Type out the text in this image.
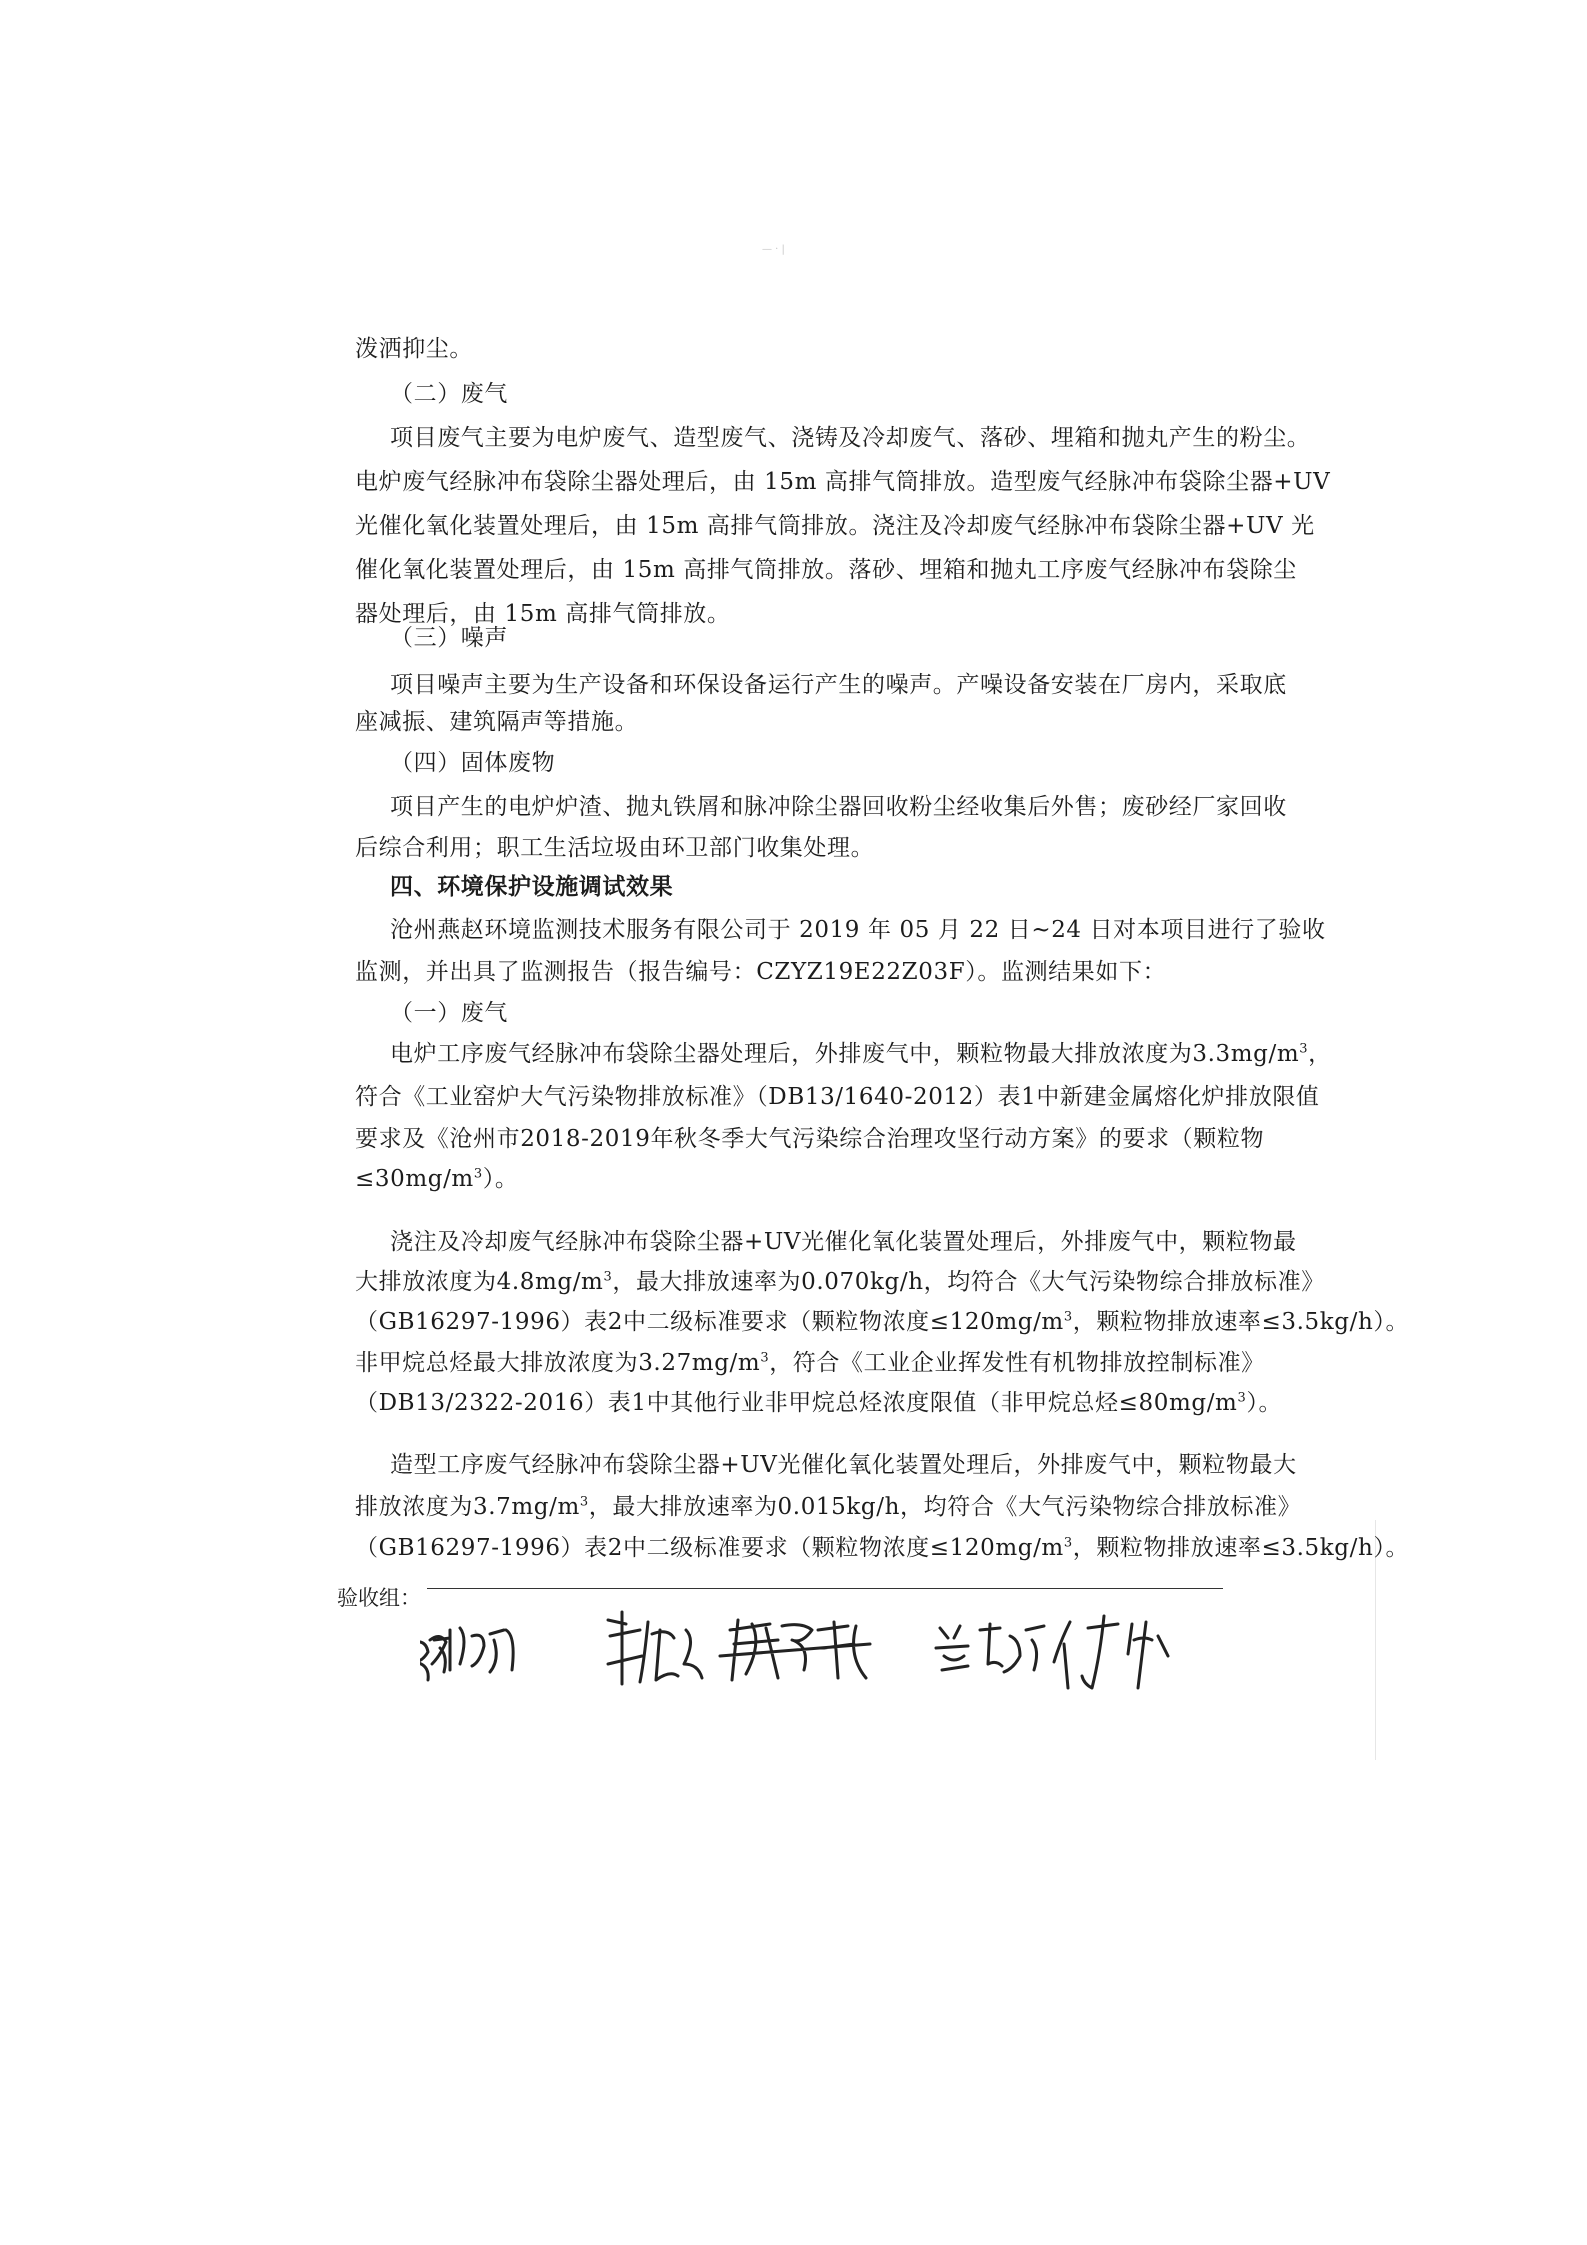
— · |
泼洒抑尘。
（二）废气
项目废气主要为电炉废气、造型废气、浇铸及冷却废气、落砂、埋箱和抛丸产生的粉尘。
电炉废气经脉冲布袋除尘器处理后，由 15m 高排气筒排放。造型废气经脉冲布袋除尘器+UV
光催化氧化装置处理后，由 15m 高排气筒排放。浇注及冷却废气经脉冲布袋除尘器+UV 光
催化氧化装置处理后，由 15m 高排气筒排放。落砂、埋箱和抛丸工序废气经脉冲布袋除尘
器处理后，由 15m 高排气筒排放。
（三）噪声
项目噪声主要为生产设备和环保设备运行产生的噪声。产噪设备安装在厂房内，采取底
座减振、建筑隔声等措施。
（四）固体废物
项目产生的电炉炉渣、抛丸铁屑和脉冲除尘器回收粉尘经收集后外售；废砂经厂家回收
后综合利用；职工生活垃圾由环卫部门收集处理。
四、环境保护设施调试效果
沧州燕赵环境监测技术服务有限公司于 2019 年 05 月 22 日~24 日对本项目进行了验收
监测，并出具了监测报告（报告编号：CZYZ19E22Z03F）。监测结果如下：
（一）废气
电炉工序废气经脉冲布袋除尘器处理后，外排废气中，颗粒物最大排放浓度为$3.3mg/m^3$，
符合《工业窑炉大气污染物排放标准》（DB13/1640-2012）表1中新建金属熔化炉排放限值
要求及《沧州市2018-2019年秋冬季大气污染综合治理攻坚行动方案》的要求（颗粒物
$\le 30mg/m^3$）。
浇注及冷却废气经脉冲布袋除尘器+UV光催化氧化装置处理后，外排废气中，颗粒物最
大排放浓度为$4.8mg/m^3$，最大排放速率为0.070kg/h，均符合《大气污染物综合排放标准》
（GB16297-1996）表2中二级标准要求（颗粒物浓度$\le 120mg/m^3$，颗粒物排放速率≤3.5kg/h）。
非甲烷总烃最大排放浓度为$3.27mg/m^3$，符合《工业企业挥发性有机物排放控制标准》
（DB13/2322-2016）表1中其他行业非甲烷总烃浓度限值（非甲烷总烃$\le 80mg/m^3$）。
造型工序废气经脉冲布袋除尘器+UV光催化氧化装置处理后，外排废气中，颗粒物最大
排放浓度为$3.7mg/m^3$，最大排放速率为0.015kg/h，均符合《大气污染物综合排放标准》
（GB16297-1996）表2中二级标准要求（颗粒物浓度$\le 120mg/m^3$，颗粒物排放速率≤3.5kg/h）。
验收组：
